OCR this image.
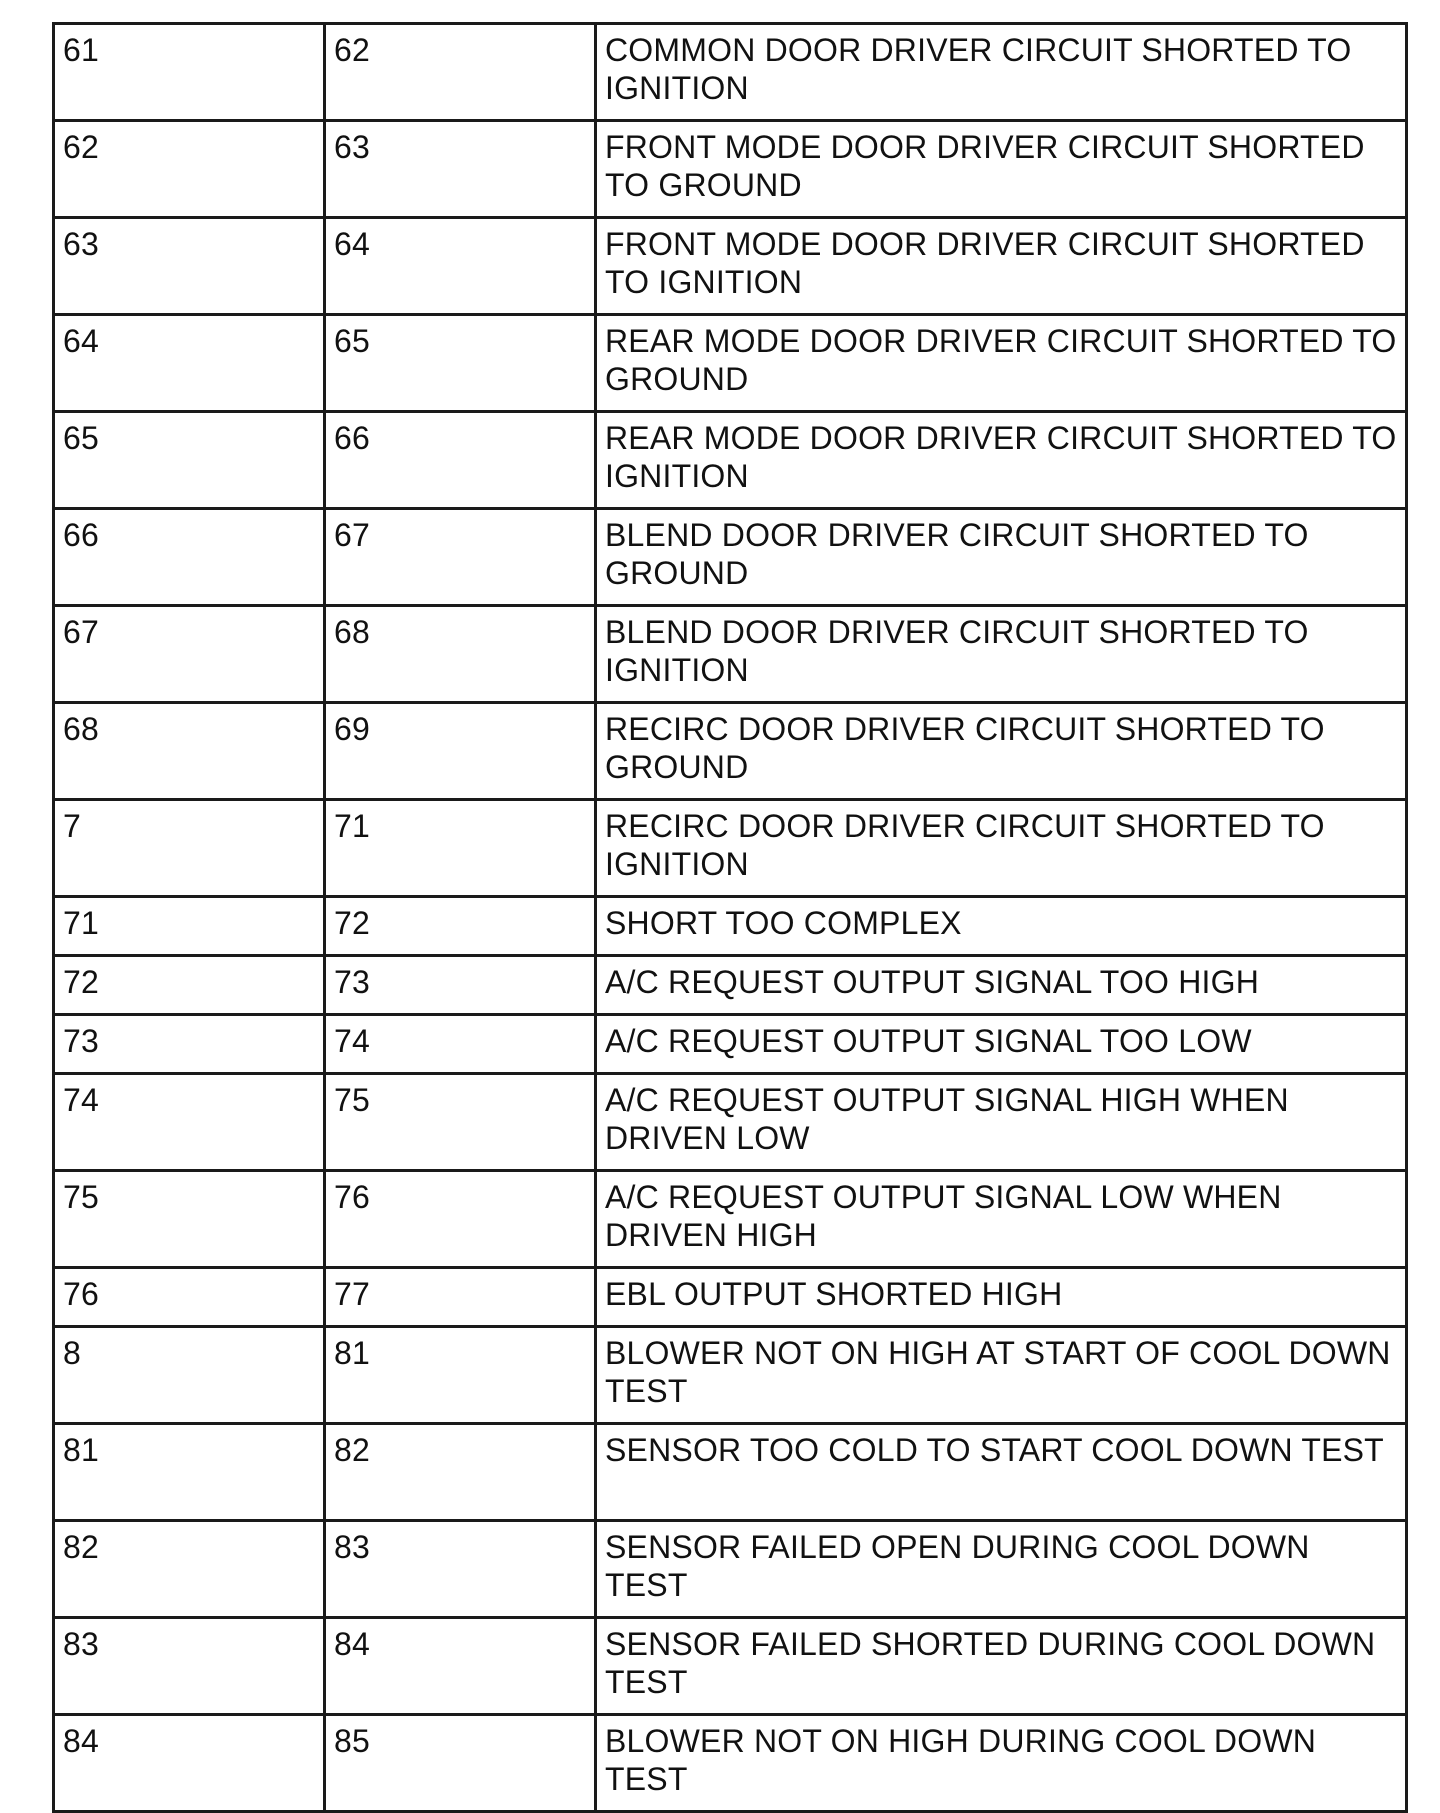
61	62	COMMON DOOR DRIVER CIRCUIT SHORTED TO IGNITION
62	63	FRONT MODE DOOR DRIVER CIRCUIT SHORTED TO GROUND
63	64	FRONT MODE DOOR DRIVER CIRCUIT SHORTED TO IGNITION
64	65	REAR MODE DOOR DRIVER CIRCUIT SHORTED TO GROUND
65	66	REAR MODE DOOR DRIVER CIRCUIT SHORTED TO IGNITION
66	67	BLEND DOOR DRIVER CIRCUIT SHORTED TO GROUND
67	68	BLEND DOOR DRIVER CIRCUIT SHORTED TO IGNITION
68	69	RECIRC DOOR DRIVER CIRCUIT SHORTED TO GROUND
7	71	RECIRC DOOR DRIVER CIRCUIT SHORTED TO IGNITION
71	72	SHORT TOO COMPLEX
72	73	A/C REQUEST OUTPUT SIGNAL TOO HIGH
73	74	A/C REQUEST OUTPUT SIGNAL TOO LOW
74	75	A/C REQUEST OUTPUT SIGNAL HIGH WHEN DRIVEN LOW
75	76	A/C REQUEST OUTPUT SIGNAL LOW WHEN DRIVEN HIGH
76	77	EBL OUTPUT SHORTED HIGH
8	81	BLOWER NOT ON HIGH AT START OF COOL DOWN TEST
81	82	SENSOR TOO COLD TO START COOL DOWN TEST
82	83	SENSOR FAILED OPEN DURING COOL DOWN TEST
83	84	SENSOR FAILED SHORTED DURING COOL DOWN TEST
84	85	BLOWER NOT ON HIGH DURING COOL DOWN TEST
